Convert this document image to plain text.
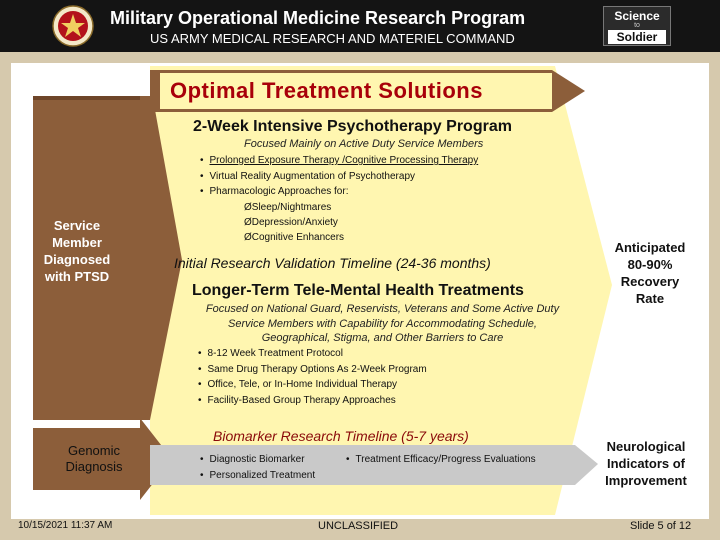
Military Operational Medicine Research Program
US ARMY MEDICAL RESEARCH AND MATERIEL COMMAND
Science
to
Soldier
Optimal Treatment Solutions
Service Member Diagnosed with PTSD
Genomic Diagnosis
2-Week Intensive Psychotherapy Program
Focused Mainly on Active Duty Service Members
• Prolonged Exposure Therapy /Cognitive Processing Therapy
• Virtual Reality Augmentation of Psychotherapy
• Pharmacologic Approaches for:
ØSleep/Nightmares
ØDepression/Anxiety
ØCognitive Enhancers
Initial Research Validation Timeline (24-36 months)
Longer-Term Tele-Mental Health Treatments
Focused on National Guard, Reservists, Veterans and Some Active Duty
Service Members with Capability for Accommodating Schedule,
Geographical, Stigma, and Other Barriers to Care
• 8-12 Week Treatment Protocol
• Same Drug Therapy Options As 2-Week Program
• Office, Tele, or In-Home Individual Therapy
• Facility-Based Group Therapy Approaches
Biomarker Research Timeline (5-7 years)
• Diagnostic Biomarker
• Personalized Treatment
• Treatment Efficacy/Progress Evaluations
Anticipated
80-90%
Recovery
Rate
Neurological
Indicators of
Improvement
10/15/2021 11:37 AM	UNCLASSIFIED	Slide 5 of 12
